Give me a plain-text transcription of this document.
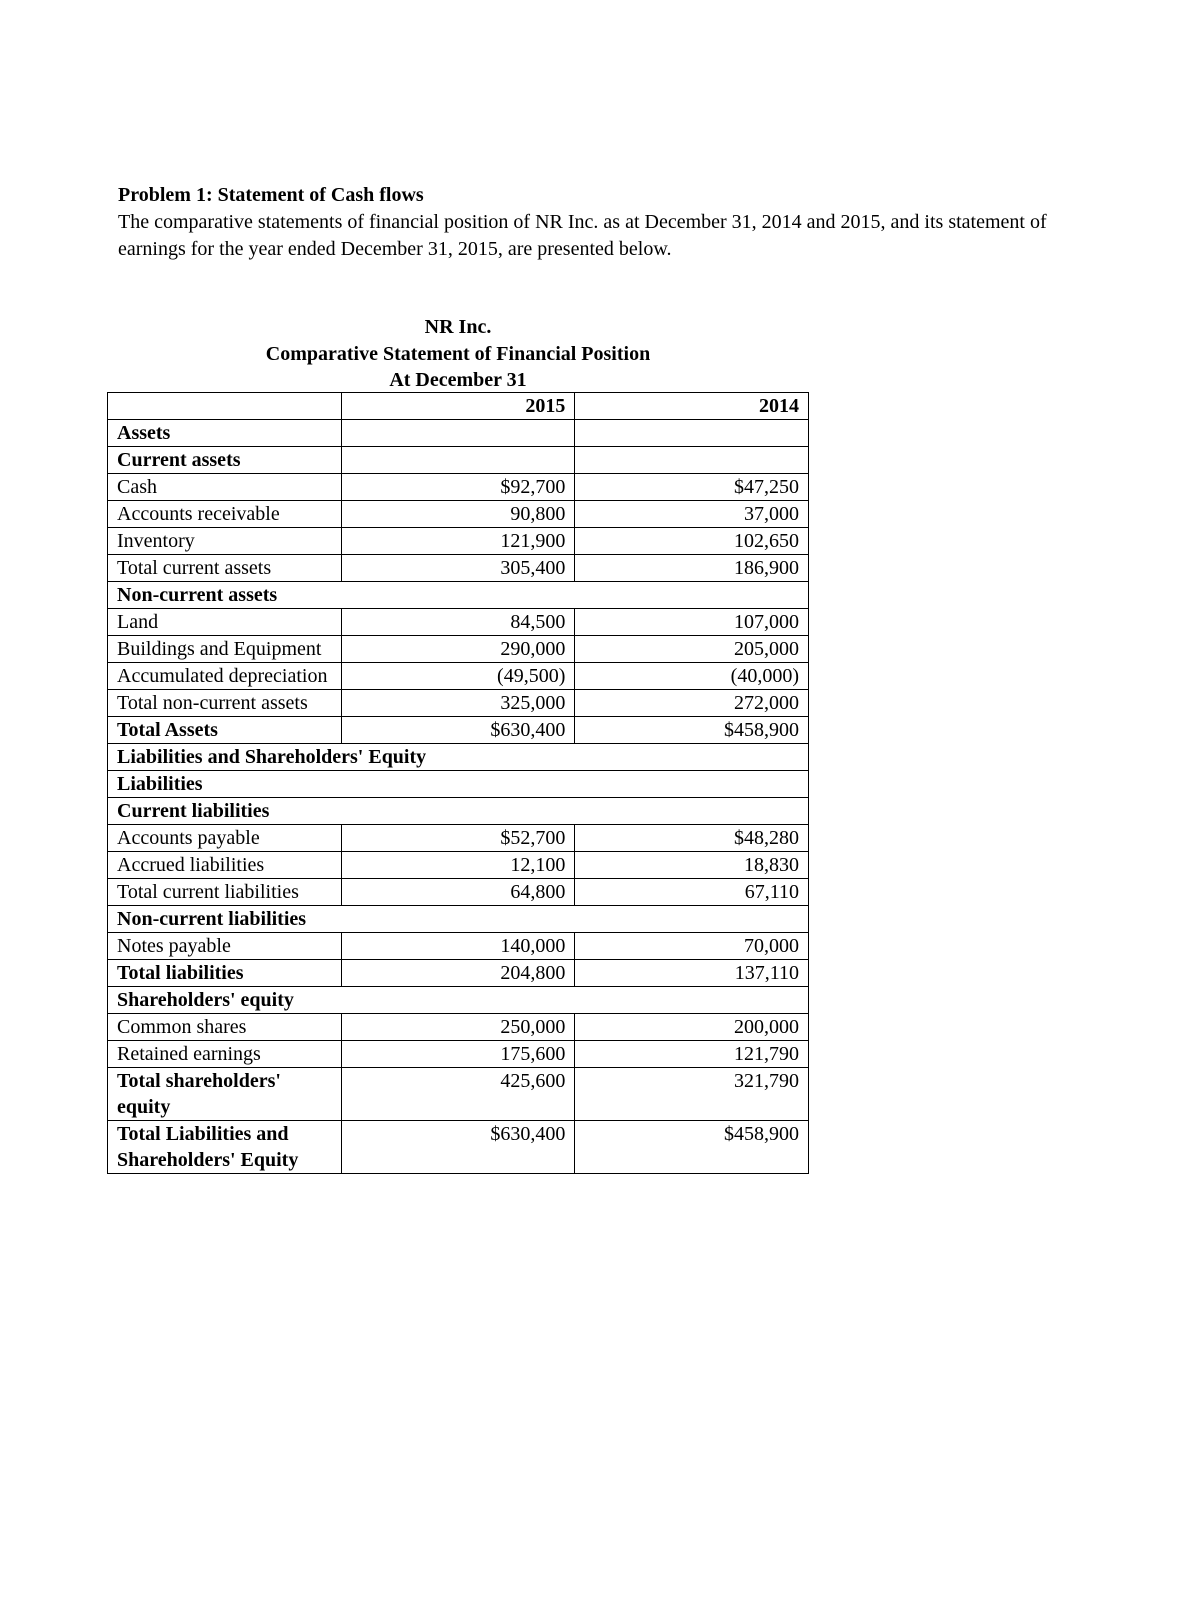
Problem 1: Statement of Cash flows
The comparative statements of financial position of NR Inc. as at December 31, 2014 and 2015, and its statement of earnings for the year ended December 31, 2015, are presented below.
NR Inc.
Comparative Statement of Financial Position
At December 31
	2015	2014
Assets		
Current assets		
Cash	$92,700	$47,250
Accounts receivable	90,800	37,000
Inventory	121,900	102,650
Total current assets	305,400	186,900
Non-current assets		
Land	84,500	107,000
Buildings and Equipment	290,000	205,000
Accumulated depreciation	(49,500)	(40,000)
Total non-current assets	325,000	272,000
Total Assets	$630,400	$458,900
Liabilities and Shareholders' Equity		
Liabilities		
Current liabilities		
Accounts payable	$52,700	$48,280
Accrued liabilities	12,100	18,830
Total current liabilities	64,800	67,110
Non-current liabilities		
Notes payable	140,000	70,000
Total liabilities	204,800	137,110
Shareholders' equity		
Common shares	250,000	200,000
Retained earnings	175,600	121,790
Total shareholders' equity	425,600	321,790
Total Liabilities and Shareholders' Equity	$630,400	$458,900
